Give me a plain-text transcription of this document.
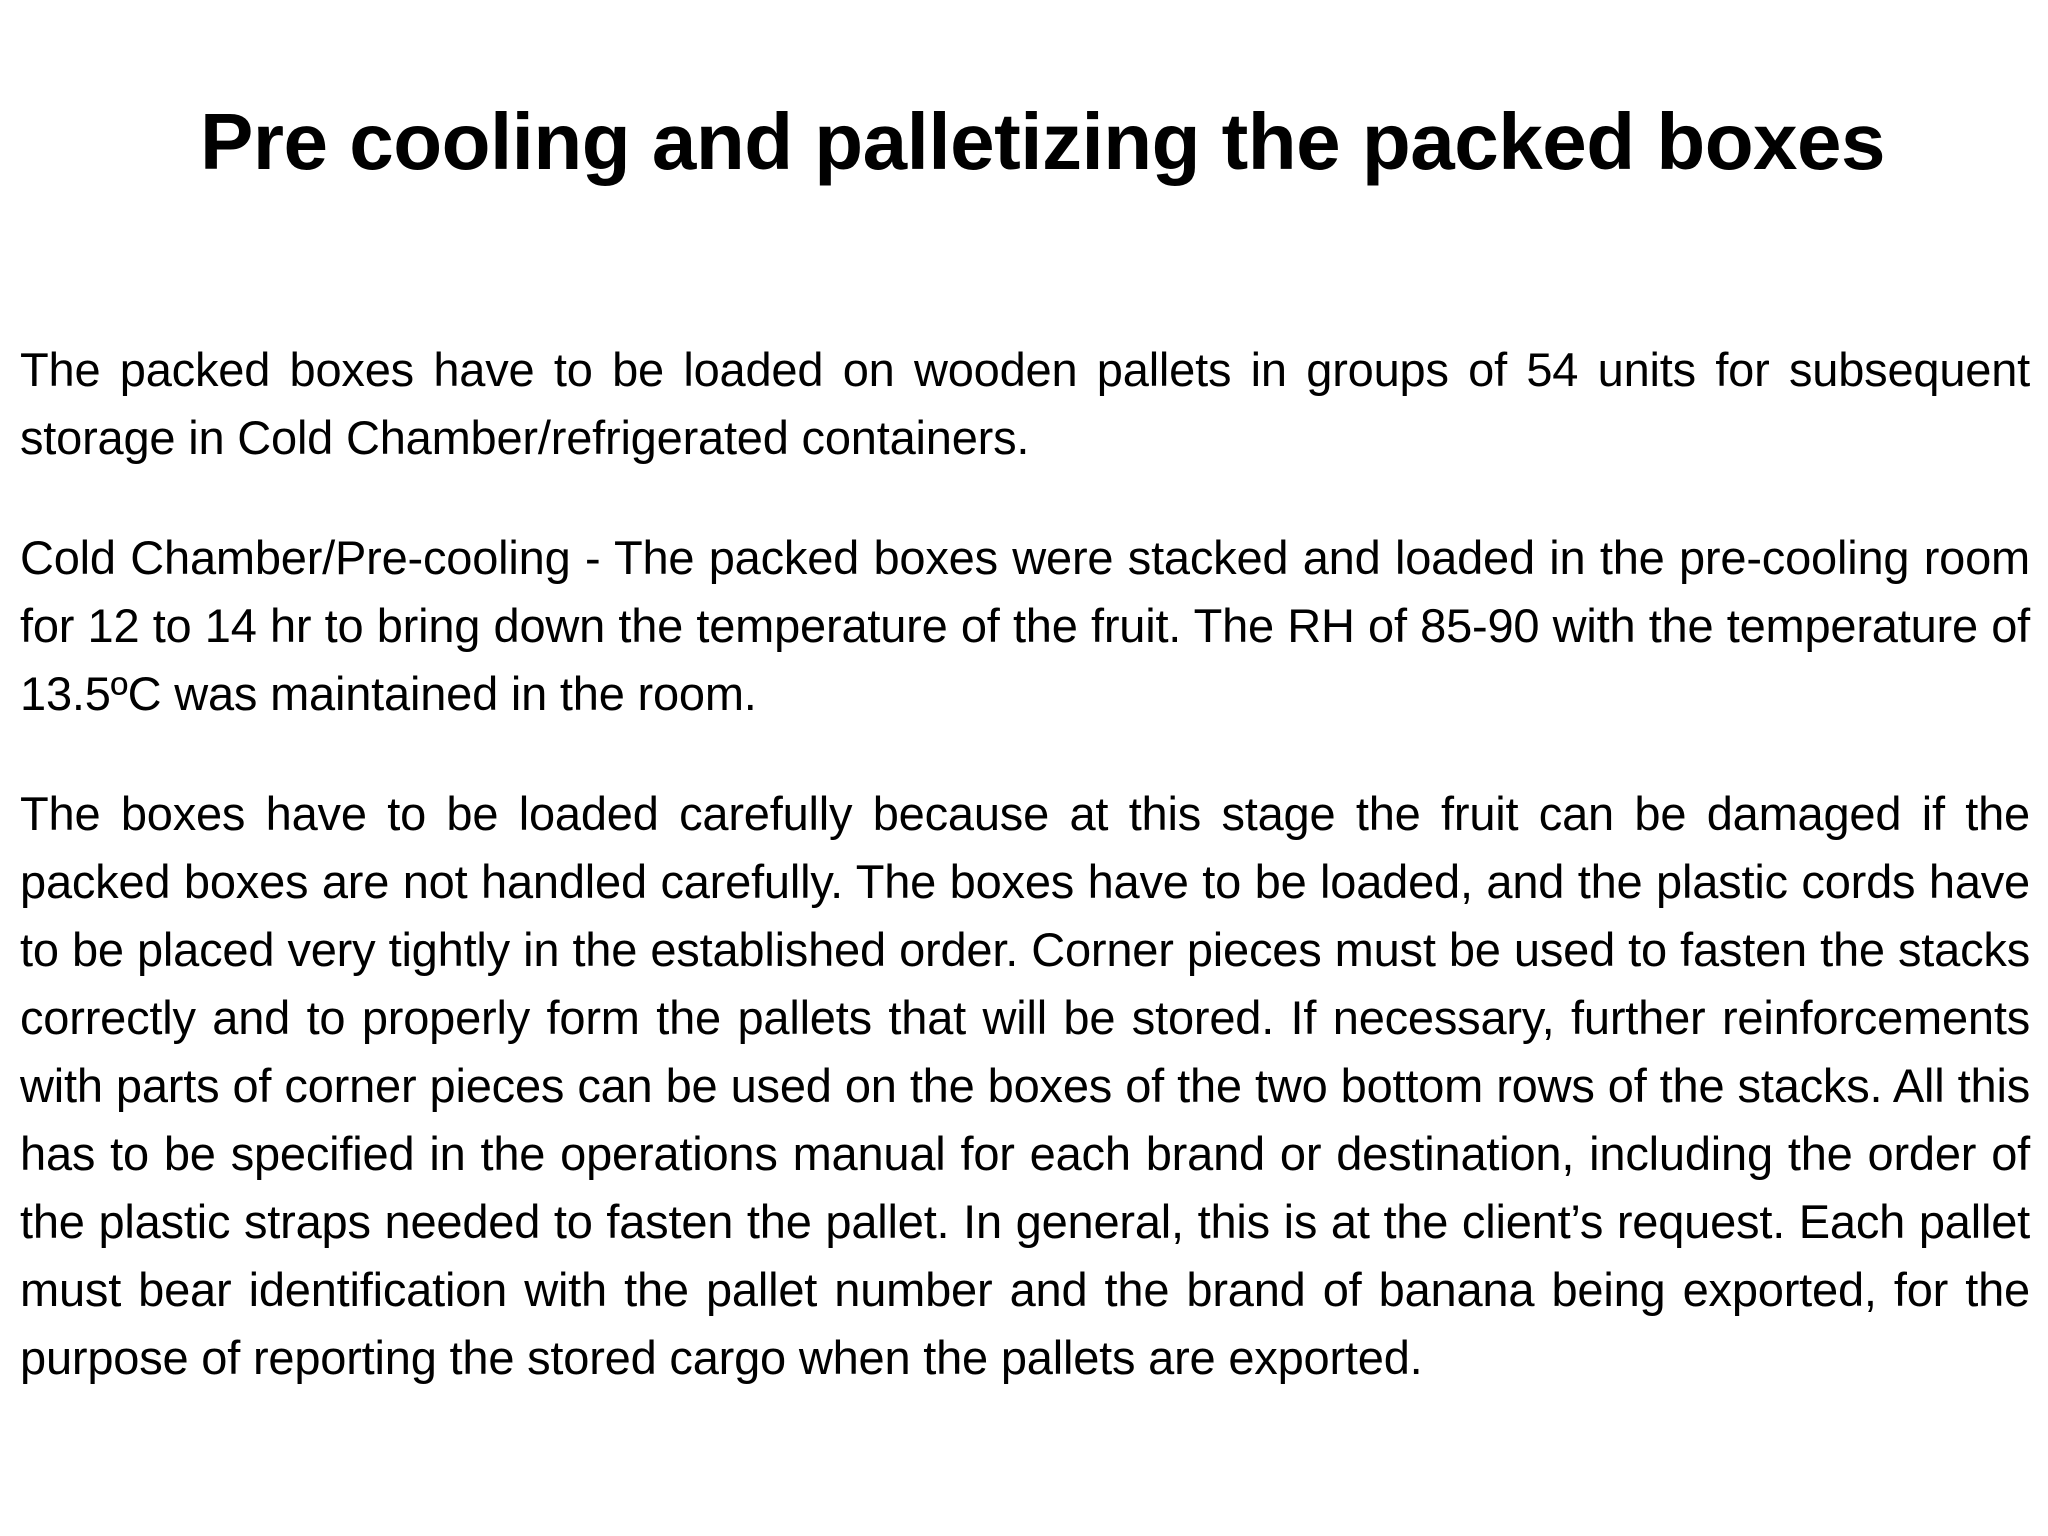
Pre cooling and palletizing the packed boxes

The packed boxes have to be loaded on wooden pallets in groups of 54 units for subsequent storage in Cold Chamber/refrigerated containers.

Cold Chamber/Pre-cooling - The packed boxes were stacked and loaded in the pre-cooling room for 12 to 14 hr to bring down the temperature of the fruit. The RH of 85-90 with the temperature of 13.5ºC was maintained in the room.

The boxes have to be loaded carefully because at this stage the fruit can be damaged if the packed boxes are not handled carefully. The boxes have to be loaded, and the plastic cords have to be placed very tightly in the established order. Corner pieces must be used to fasten the stacks correctly and to properly form the pallets that will be stored. If necessary, further reinforcements with parts of corner pieces can be used on the boxes of the two bottom rows of the stacks. All this has to be specified in the operations manual for each brand or destination, including the order of the plastic straps needed to fasten the pallet. In general, this is at the client’s request. Each pallet must bear identification with the pallet number and the brand of banana being exported, for the purpose of reporting the stored cargo when the pallets are exported.
